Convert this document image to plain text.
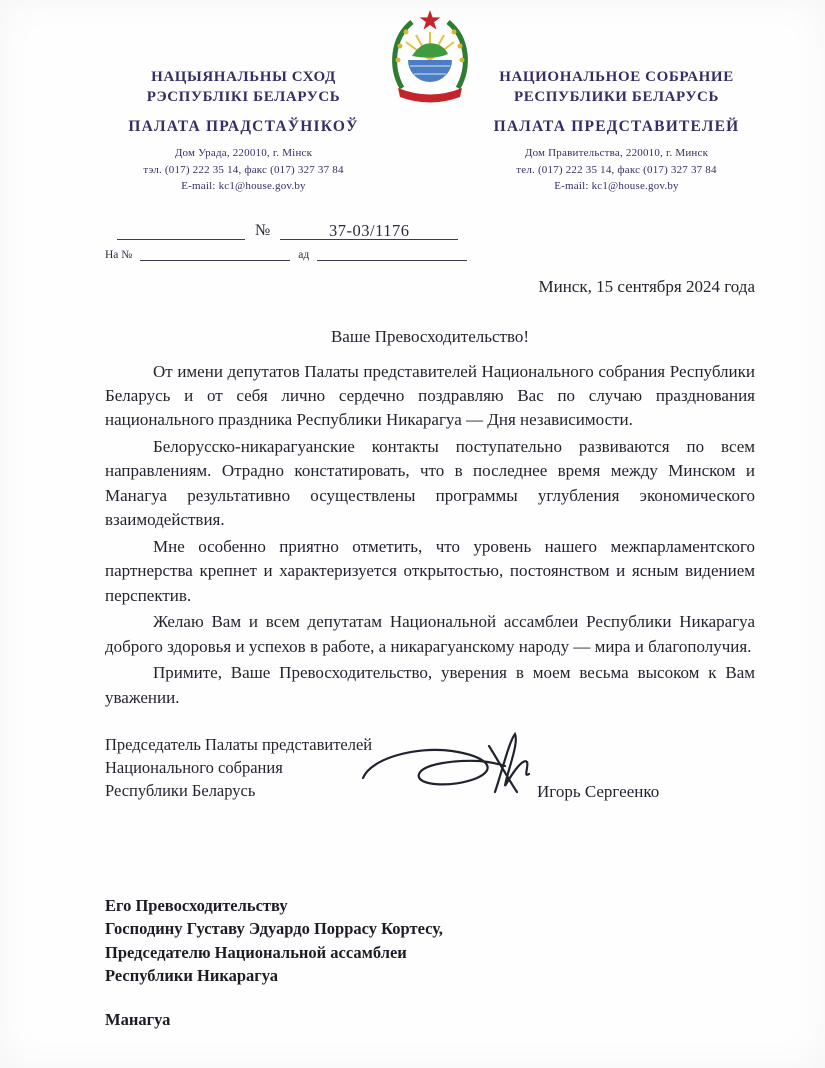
НАЦЫЯНАЛЬНЫ СХОД
РЭСПУБЛІКІ БЕЛАРУСЬ
ПАЛАТА ПРАДСТАЎНІКОЎ
Дом Урада, 220010, г. Мінск
тэл. (017) 222 35 14, факс (017) 327 37 84
E-mail: kc1@house.gov.by
НАЦИОНАЛЬНОЕ СОБРАНИЕ
РЕСПУБЛИКИ БЕЛАРУСЬ
ПАЛАТА ПРЕДСТАВИТЕЛЕЙ
Дом Правительства, 220010, г. Минск
тел. (017) 222 35 14, факс (017) 327 37 84
E-mail: kc1@house.gov.by
№	37-03/1176
На №	ад
Минск, 15 сентября 2024 года
Ваше Превосходительство!

От имени депутатов Палаты представителей Национального собрания Республики Беларусь и от себя лично сердечно поздравляю Вас по случаю празднования национального праздника Республики Никарагуа — Дня независимости.

Белорусско-никарагуанские контакты поступательно развиваются по всем направлениям. Отрадно констатировать, что в последнее время между Минском и Манагуа результативно осуществлены программы углубления экономического взаимодействия.

Мне особенно приятно отметить, что уровень нашего межпарламентского партнерства крепнет и характеризуется открытостью, постоянством и ясным видением перспектив.

Желаю Вам и всем депутатам Национальной ассамблеи Республики Никарагуа доброго здоровья и успехов в работе, а никарагуанскому народу — мира и благополучия.

Примите, Ваше Превосходительство, уверения в моем весьма высоком к Вам уважении.

Председатель Палаты представителей
Национального собрания
Республики Беларусь	Игорь Сергеенко
Его Превосходительству
Господину Густаву Эдуардо Поррасу Кортесу,
Председателю Национальной ассамблеи
Республики Никарагуа
Манагуа
